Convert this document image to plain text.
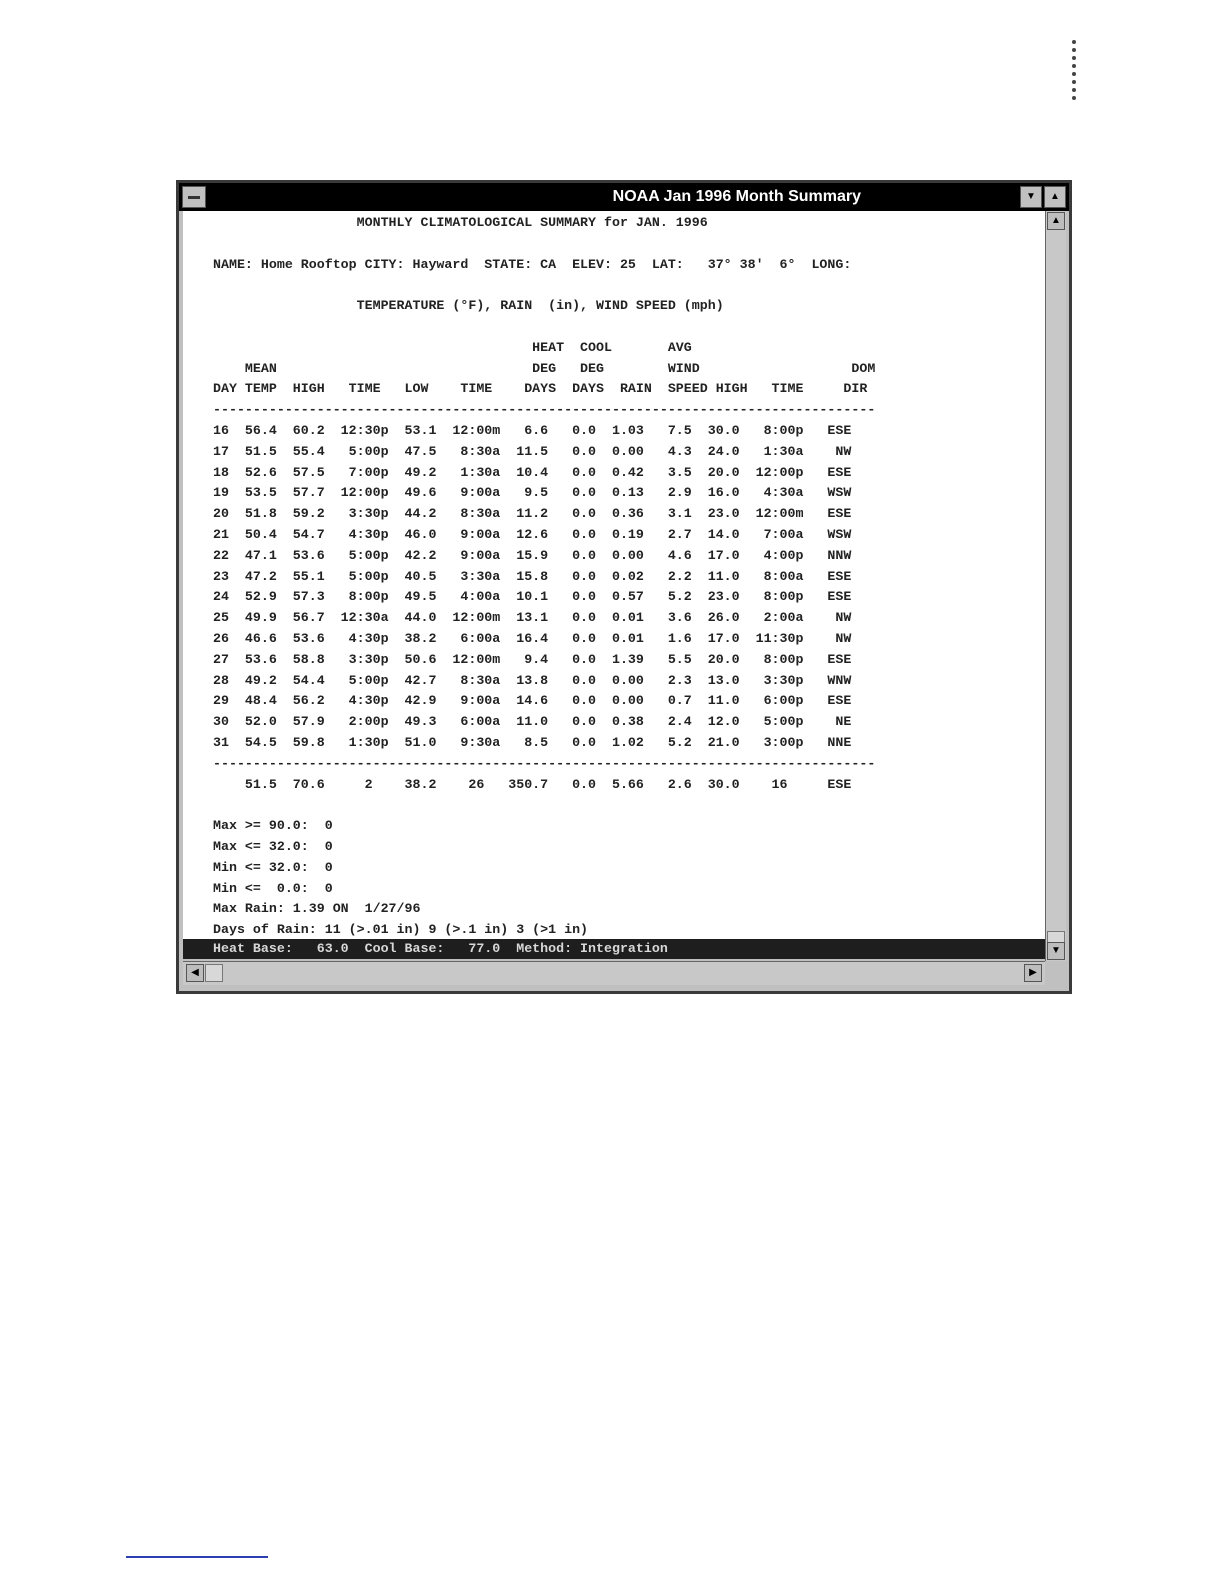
NOAA Jan 1996 Month Summary	▼	▲
MONTHLY CLIMATOLOGICAL SUMMARY for JAN. 1996

NAME: Home Rooftop CITY: Hayward  STATE: CA  ELEV: 25  LAT:   37° 38'  6°  LONG:

TEMPERATURE (°F), RAIN  (in), WIND SPEED (mph)

HEAT  COOL       AVG
MEAN                                DEG   DEG        WIND                   DOM
DAY TEMP  HIGH   TIME   LOW    TIME    DAYS  DAYS  RAIN  SPEED HIGH   TIME     DIR
-----------------------------------------------------------------------------------
16  56.4  60.2  12:30p  53.1  12:00m   6.6   0.0  1.03   7.5  30.0   8:00p   ESE
17  51.5  55.4   5:00p  47.5   8:30a  11.5   0.0  0.00   4.3  24.0   1:30a    NW
18  52.6  57.5   7:00p  49.2   1:30a  10.4   0.0  0.42   3.5  20.0  12:00p   ESE
19  53.5  57.7  12:00p  49.6   9:00a   9.5   0.0  0.13   2.9  16.0   4:30a   WSW
20  51.8  59.2   3:30p  44.2   8:30a  11.2   0.0  0.36   3.1  23.0  12:00m   ESE
21  50.4  54.7   4:30p  46.0   9:00a  12.6   0.0  0.19   2.7  14.0   7:00a   WSW
22  47.1  53.6   5:00p  42.2   9:00a  15.9   0.0  0.00   4.6  17.0   4:00p   NNW
23  47.2  55.1   5:00p  40.5   3:30a  15.8   0.0  0.02   2.2  11.0   8:00a   ESE
24  52.9  57.3   8:00p  49.5   4:00a  10.1   0.0  0.57   5.2  23.0   8:00p   ESE
25  49.9  56.7  12:30a  44.0  12:00m  13.1   0.0  0.01   3.6  26.0   2:00a    NW
26  46.6  53.6   4:30p  38.2   6:00a  16.4   0.0  0.01   1.6  17.0  11:30p    NW
27  53.6  58.8   3:30p  50.6  12:00m   9.4   0.0  1.39   5.5  20.0   8:00p   ESE
28  49.2  54.4   5:00p  42.7   8:30a  13.8   0.0  0.00   2.3  13.0   3:30p   WNW
29  48.4  56.2   4:30p  42.9   9:00a  14.6   0.0  0.00   0.7  11.0   6:00p   ESE
30  52.0  57.9   2:00p  49.3   6:00a  11.0   0.0  0.38   2.4  12.0   5:00p    NE
31  54.5  59.8   1:30p  51.0   9:30a   8.5   0.0  1.02   5.2  21.0   3:00p   NNE
-----------------------------------------------------------------------------------
51.5  70.6     2    38.2    26   350.7   0.0  5.66   2.6  30.0    16     ESE

Max >= 90.0:  0
Max <= 32.0:  0
Min <= 32.0:  0
Min <=  0.0:  0
Max Rain: 1.39 ON  1/27/96
Days of Rain: 11 (>.01 in) 9 (>.1 in) 3 (>1 in)

Heat Base:   63.0  Cool Base:   77.0  Method: Integration
▲
▼
◀	▶
